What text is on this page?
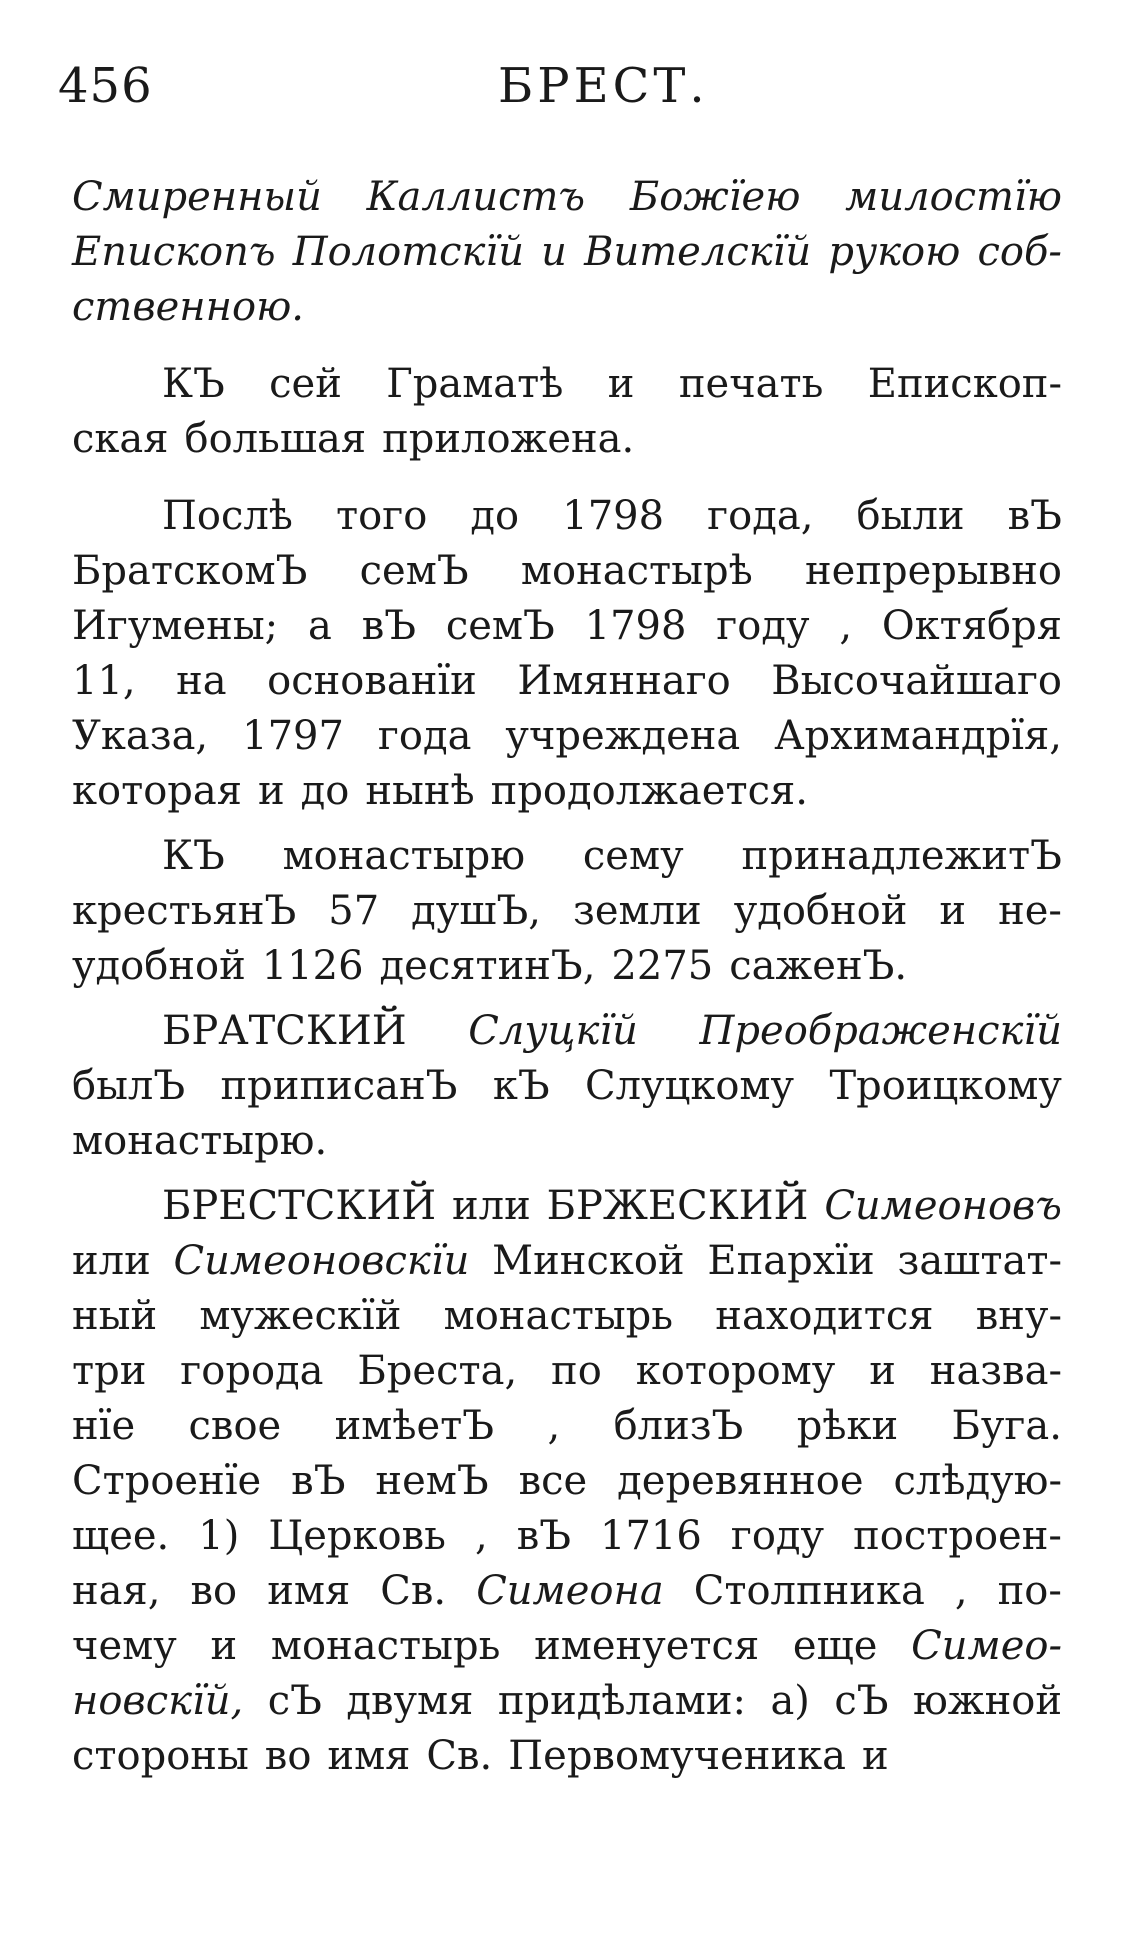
456	БРЕСТ.
Смиренный Каллистъ Божїею милостїю
Епископъ Полотскїй и Вителскїй рукою соб-
ственною.
КЪ сей Граматѣ и печать Епископ-
ская большая приложена.
Послѣ того до 1798 года, были вЪ
БратскомЪ семЪ монастырѣ непрерывно
Игумены; а вЪ семЪ 1798 году , Октября
11, на основанїи Имяннаго Высочайшаго
Указа, 1797 года учреждена Архимандрїя,
которая и до нынѣ продолжается.
КЪ монастырю сему принадлежитЪ
крестьянЪ 57 душЪ, земли удобной и не-
удобной 1126 десятинЪ, 2275 саженЪ.
БРАТСКИЙ Слуцкїй Преображенскїй
былЪ приписанЪ кЪ Слуцкому Троицкому
монастырю.
БРЕСТСКИЙ или БРЖЕСКИЙ Симеоновъ
или Симеоновскїи Минской Епархїи заштат-
ный мужескїй монастырь находится вну-
три города Бреста, по которому и назва-
нїе свое имѣетЪ , близЪ рѣки Буга.
Строенїе вЪ немЪ все деревянное слѣдую-
щее. 1) Церковь , вЪ 1716 году построен-
ная, во имя Св. Симеона Столпника , по-
чему и монастырь именуется еще Симео-
новскїй, сЪ двумя придѣлами: а) сЪ южной
стороны во имя Св. Первомученика и
